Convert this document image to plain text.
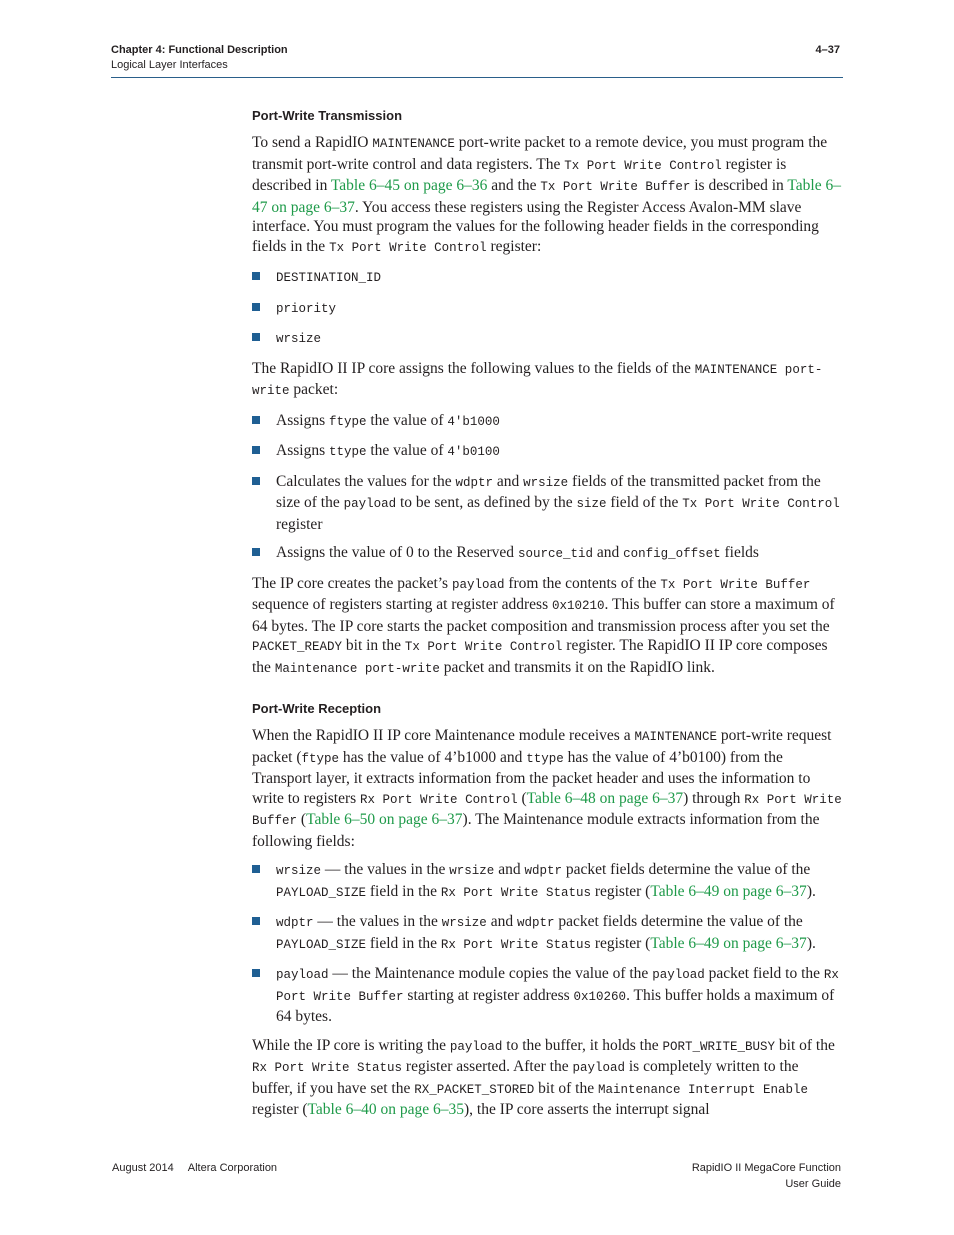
Chapter 4: Functional Description
Logical Layer Interfaces
4–37
Port-Write Transmission

To send a RapidIO MAINTENANCE port-write packet to a remote device, you must program the transmit port-write control and data registers. The Tx Port Write Control register is described in Table 6–45 on page 6–36 and the Tx Port Write Buffer is described in Table 6–47 on page 6–37. You access these registers using the Register Access Avalon-MM slave interface. You must program the values for the following header fields in the corresponding fields in the Tx Port Write Control register:

DESTINATION_ID
priority
wrsize

The RapidIO II IP core assigns the following values to the fields of the MAINTENANCE port-write packet:

Assigns ftype the value of 4'b1000
Assigns ttype the value of 4'b0100
Calculates the values for the wdptr and wrsize fields of the transmitted packet from the size of the payload to be sent, as defined by the size field of the Tx Port Write Control register
Assigns the value of 0 to the Reserved source_tid and config_offset fields

The IP core creates the packet’s payload from the contents of the Tx Port Write Buffer sequence of registers starting at register address 0x10210. This buffer can store a maximum of 64 bytes. The IP core starts the packet composition and transmission process after you set the PACKET_READY bit in the Tx Port Write Control register. The RapidIO II IP core composes the Maintenance port-write packet and transmits it on the RapidIO link.

Port-Write Reception

When the RapidIO II IP core Maintenance module receives a MAINTENANCE port-write request packet (ftype has the value of 4’b1000 and ttype has the value of 4’b0100) from the Transport layer, it extracts information from the packet header and uses the information to write to registers Rx Port Write Control (Table 6–48 on page 6–37) through Rx Port Write Buffer (Table 6–50 on page 6–37). The Maintenance module extracts information from the following fields:

wrsize — the values in the wrsize and wdptr packet fields determine the value of the PAYLOAD_SIZE field in the Rx Port Write Status register (Table 6–49 on page 6–37).
wdptr — the values in the wrsize and wdptr packet fields determine the value of the PAYLOAD_SIZE field in the Rx Port Write Status register (Table 6–49 on page 6–37).
payload — the Maintenance module copies the value of the payload packet field to the Rx Port Write Buffer starting at register address 0x10260. This buffer holds a maximum of 64 bytes.

While the IP core is writing the payload to the buffer, it holds the PORT_WRITE_BUSY bit of the Rx Port Write Status register asserted. After the payload is completely written to the buffer, if you have set the RX_PACKET_STORED bit of the Maintenance Interrupt Enable register (Table 6–40 on page 6–35), the IP core asserts the interrupt signal

August 2014 Altera Corporation	RapidIO II MegaCore Function
User Guide
